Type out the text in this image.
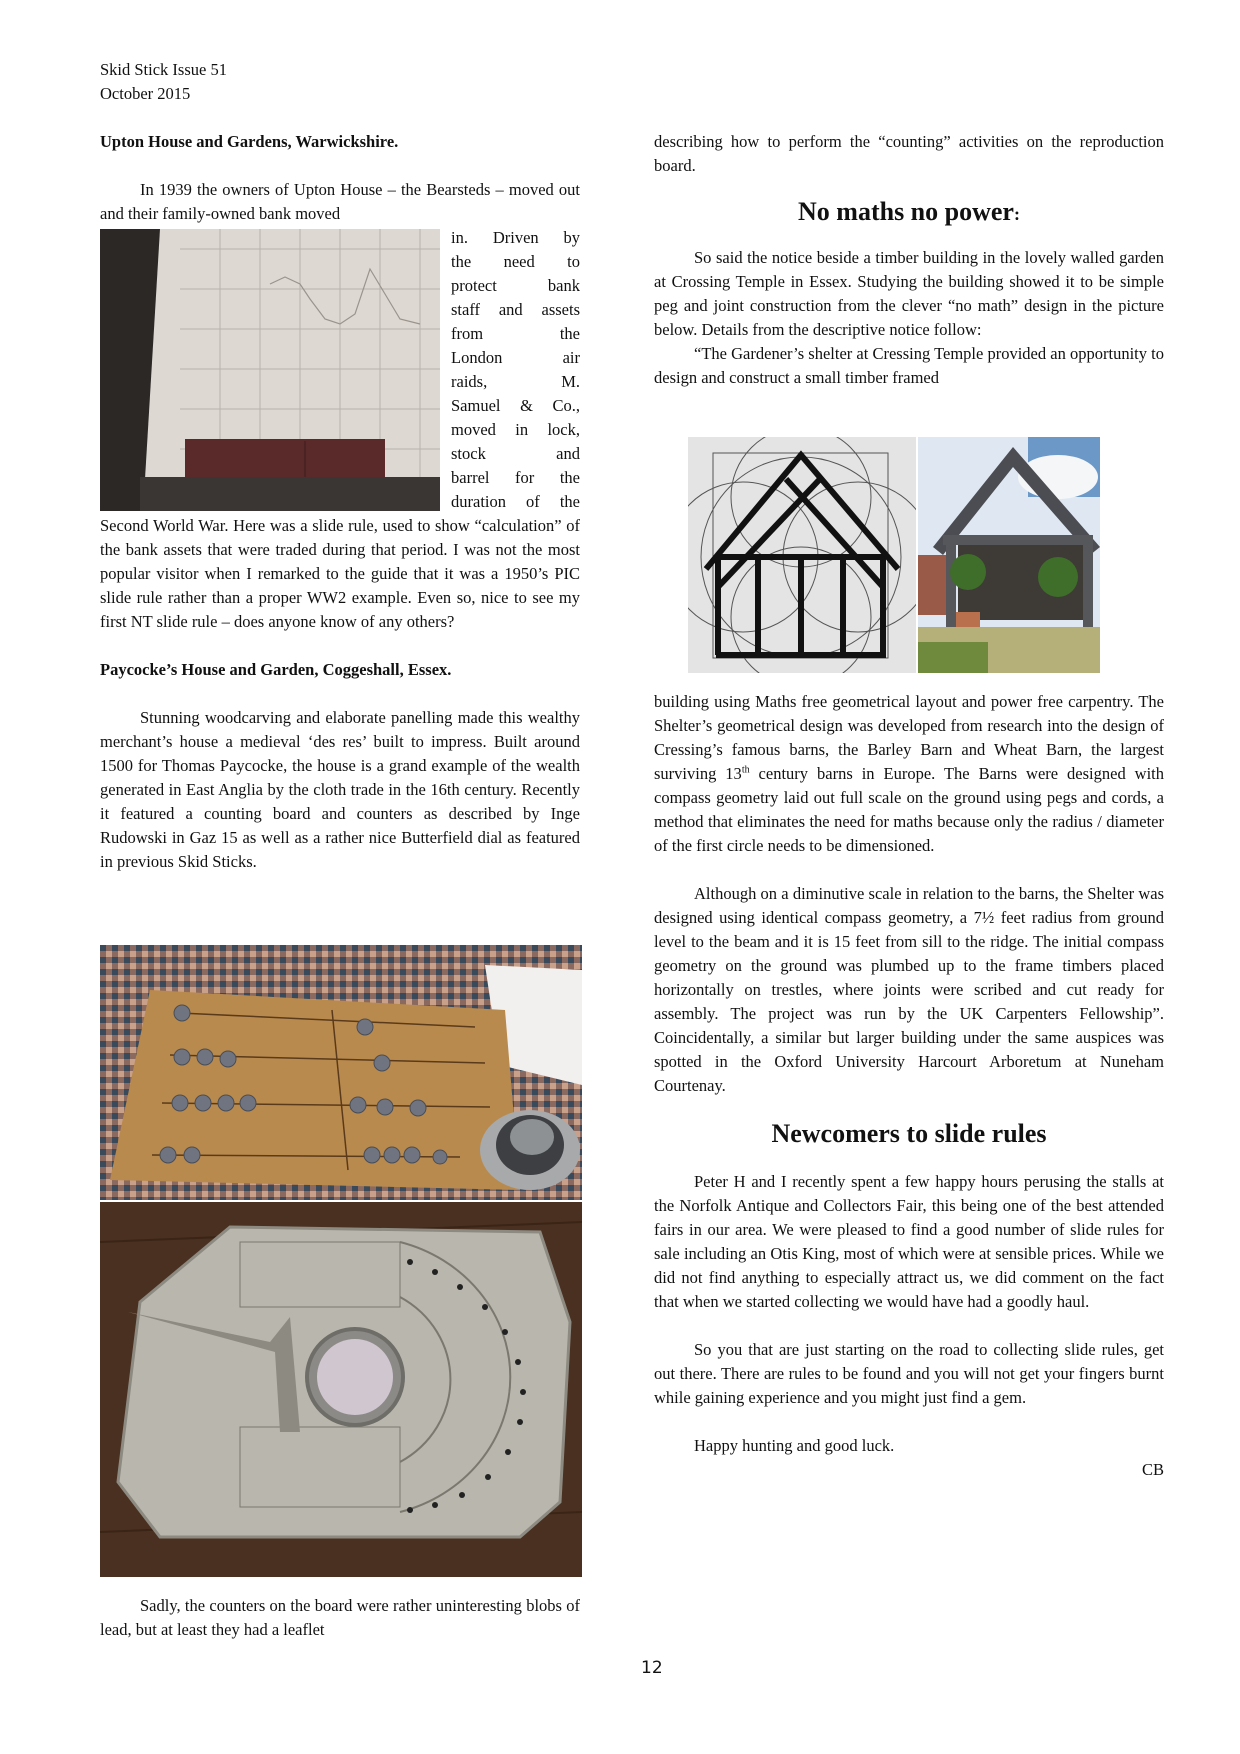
Skid Stick Issue 51
October 2015

Upton House and Gardens, Warwickshire.

In 1939 the owners of Upton House – the Bearsteds – moved out and their family-owned bank moved

in. Driven by

the need to

protect bank

staff and assets

from the

London air

raids, M.

Samuel & Co.,

moved in lock,

stock and

barrel for the

duration of the

Second World War. Here was a slide rule, used to show “calculation” of the bank assets that were traded during that period. I was not the most popular visitor when I remarked to the guide that it was a 1950’s PIC slide rule rather than a proper WW2 example. Even so, nice to see my first NT slide rule – does anyone know of any others?

Paycocke’s House and Garden, Coggeshall, Essex.

Stunning woodcarving and elaborate panelling made this wealthy merchant’s house a medieval ‘des res’ built to impress. Built around 1500 for Thomas Paycocke, the house is a grand example of the wealth generated in East Anglia by the cloth trade in the 16th century. Recently it featured a counting board and counters as described by Inge Rudowski in Gaz 15 as well as a rather nice Butterfield dial as featured in previous Skid Sticks.

Sadly, the counters on the board were rather uninteresting blobs of lead, but at least they had a leaflet

describing how to perform the “counting” activities on the reproduction board.

No maths no power:

So said the notice beside a timber building in the lovely walled garden at Crossing Temple in Essex. Studying the building showed it to be simple peg and joint construction from the clever “no math” design in the picture below. Details from the descriptive notice follow:

“The Gardener’s shelter at Cressing Temple provided an opportunity to design and construct a small timber framed

building using Maths free geometrical layout and power free carpentry. The Shelter’s geometrical design was developed from research into the design of Cressing’s famous barns, the Barley Barn and Wheat Barn, the largest surviving 13th century barns in Europe. The Barns were designed with compass geometry laid out full scale on the ground using pegs and cords, a method that eliminates the need for maths because only the radius / diameter of the first circle needs to be dimensioned.

Although on a diminutive scale in relation to the barns, the Shelter was designed using identical compass geometry, a 7½ feet radius from ground level to the beam and it is 15 feet from sill to the ridge. The initial compass geometry on the ground was plumbed up to the frame timbers placed horizontally on trestles, where joints were scribed and cut ready for assembly. The project was run by the UK Carpenters Fellowship”. Coincidentally, a similar but larger building under the same auspices was spotted in the Oxford University Harcourt Arboretum at Nuneham Courtenay.

Newcomers to slide rules

Peter H and I recently spent a few happy hours perusing the stalls at the Norfolk Antique and Collectors Fair, this being one of the best attended fairs in our area. We were pleased to find a good number of slide rules for sale including an Otis King, most of which were at sensible prices. While we did not find anything to especially attract us, we did comment on the fact that when we started collecting we would have had a goodly haul.

So you that are just starting on the road to collecting slide rules, get out there. There are rules to be found and you will not get your fingers burnt while gaining experience and you might just find a gem.

Happy hunting and good luck.

CB

12
